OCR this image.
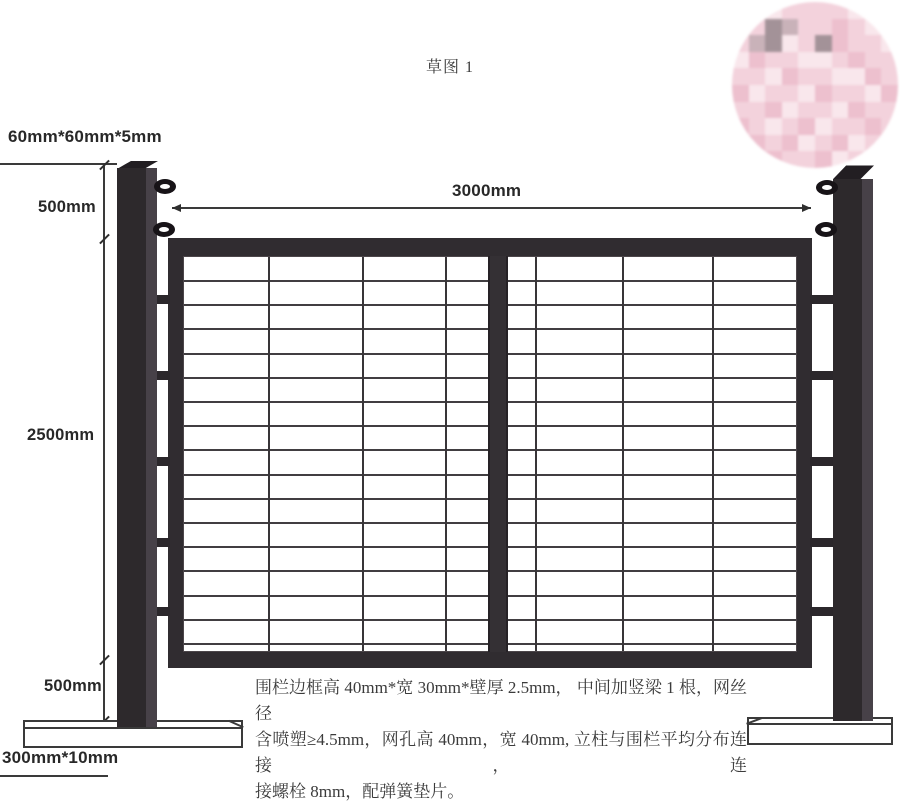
草图 1
60mm*60mm*5mm
3000mm
500mm
2500mm
500mm
300mm*10mm
围栏边框高 40mm*宽 30mm*壁厚 2.5mm， 中间加竖梁 1 根，网丝径
含喷塑≥4.5mm，网孔高 40mm，宽 40mm, 立柱与围栏平均分布连接，连
接螺栓 8mm，配弹簧垫片。
